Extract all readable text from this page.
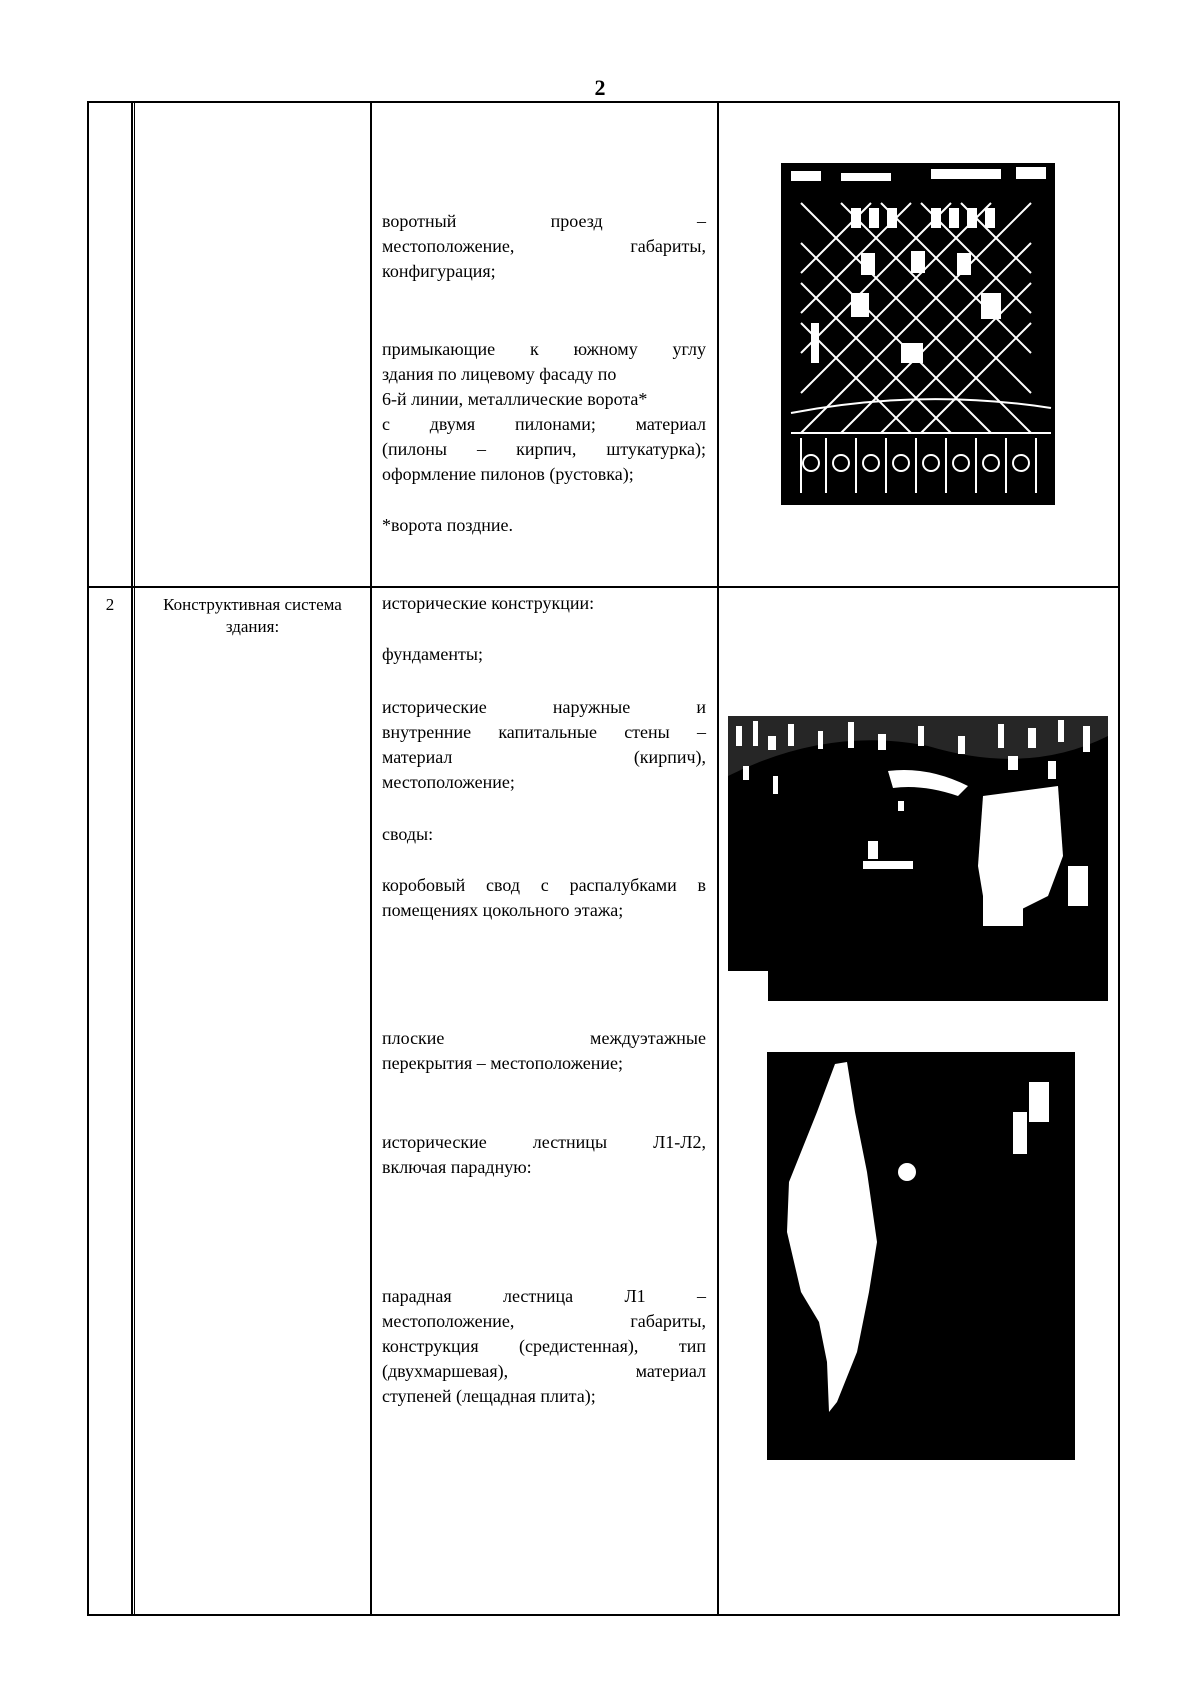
2
воротный проезд –
местоположение, габариты,
конфигурация;
примыкающие к южному углу
здания по лицевому фасаду по
6-й линии, металлические ворота*
с двумя пилонами; материал
(пилоны – кирпич, штукатурка);
оформление пилонов (рустовка);
*ворота поздние.
2	Конструктивная система
здания:
исторические конструкции:
фундаменты;
исторические наружные и
внутренние капитальные стены –
материал (кирпич),
местоположение;
своды:
коробовый свод с распалубками в
помещениях цокольного этажа;
плоские междуэтажные
перекрытия – местоположение;
исторические лестницы Л1-Л2,
включая парадную:
парадная лестница Л1 –
местоположение, габариты,
конструкция (средистенная), тип
(двухмаршевая), материал
ступеней (лещадная плита);
